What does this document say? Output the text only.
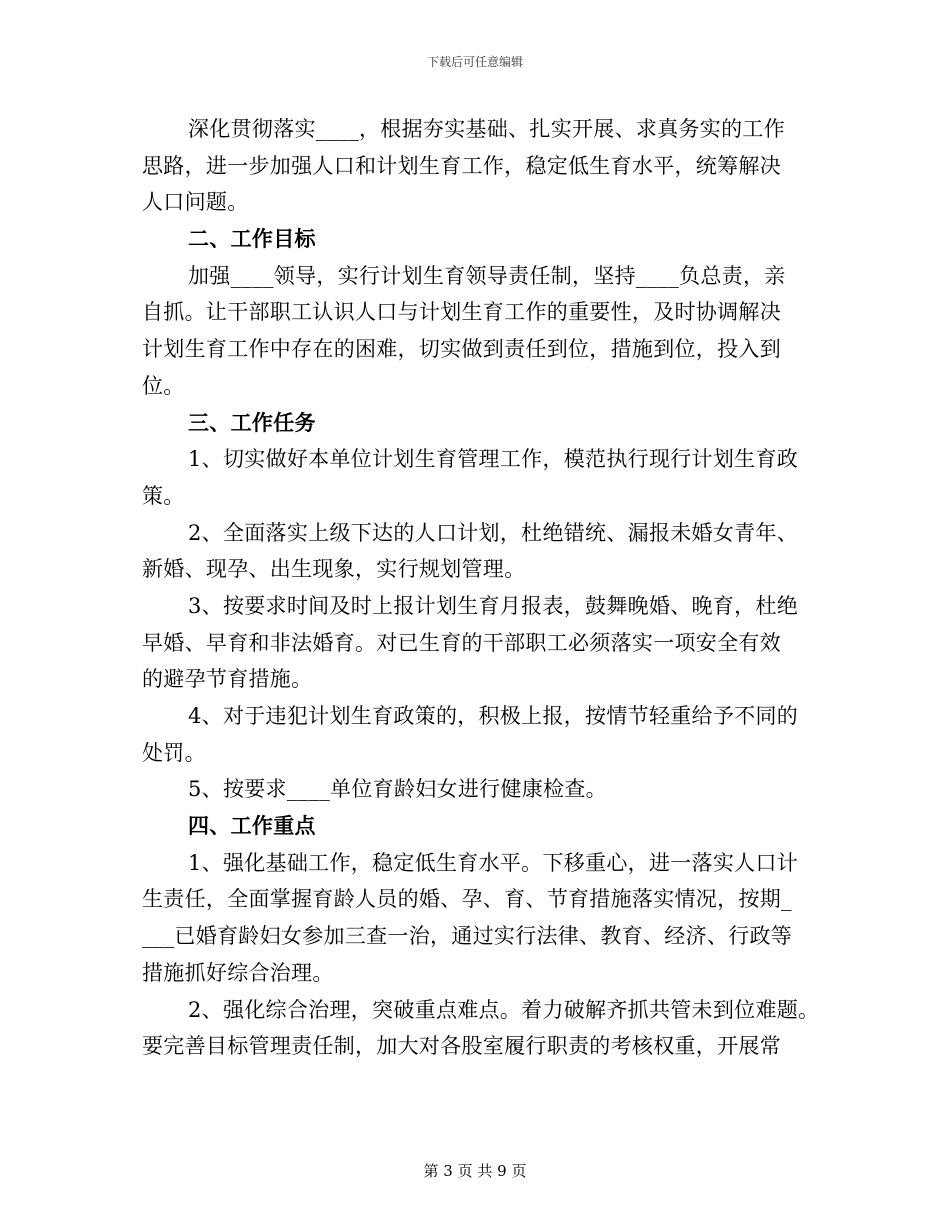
下载后可任意编辑
深化贯彻落实____，根据夯实基础、扎实开展、求真务实的工作
思路，进一步加强人口和计划生育工作，稳定低生育水平，统筹解决
人口问题。
二、工作目标
加强____领导，实行计划生育领导责任制，坚持____负总责，亲
自抓。让干部职工认识人口与计划生育工作的重要性，及时协调解决
计划生育工作中存在的困难，切实做到责任到位，措施到位，投入到
位。
三、工作任务
1、切实做好本单位计划生育管理工作，模范执行现行计划生育政
策。
2、全面落实上级下达的人口计划，杜绝错统、漏报未婚女青年、
新婚、现孕、出生现象，实行规划管理。
3、按要求时间及时上报计划生育月报表，鼓舞晚婚、晚育，杜绝
早婚、早育和非法婚育。对已生育的干部职工必须落实一项安全有效
的避孕节育措施。
4、对于违犯计划生育政策的，积极上报，按情节轻重给予不同的
处罚。
5、按要求____单位育龄妇女进行健康检查。
四、工作重点
1、强化基础工作，稳定低生育水平。下移重心，进一落实人口计
生责任，全面掌握育龄人员的婚、孕、育、节育措施落实情况，按期_
___已婚育龄妇女参加三查一治，通过实行法律、教育、经济、行政等
措施抓好综合治理。
2、强化综合治理，突破重点难点。着力破解齐抓共管未到位难题。
要完善目标管理责任制，加大对各股室履行职责的考核权重，开展常
第 3 页 共 9 页
